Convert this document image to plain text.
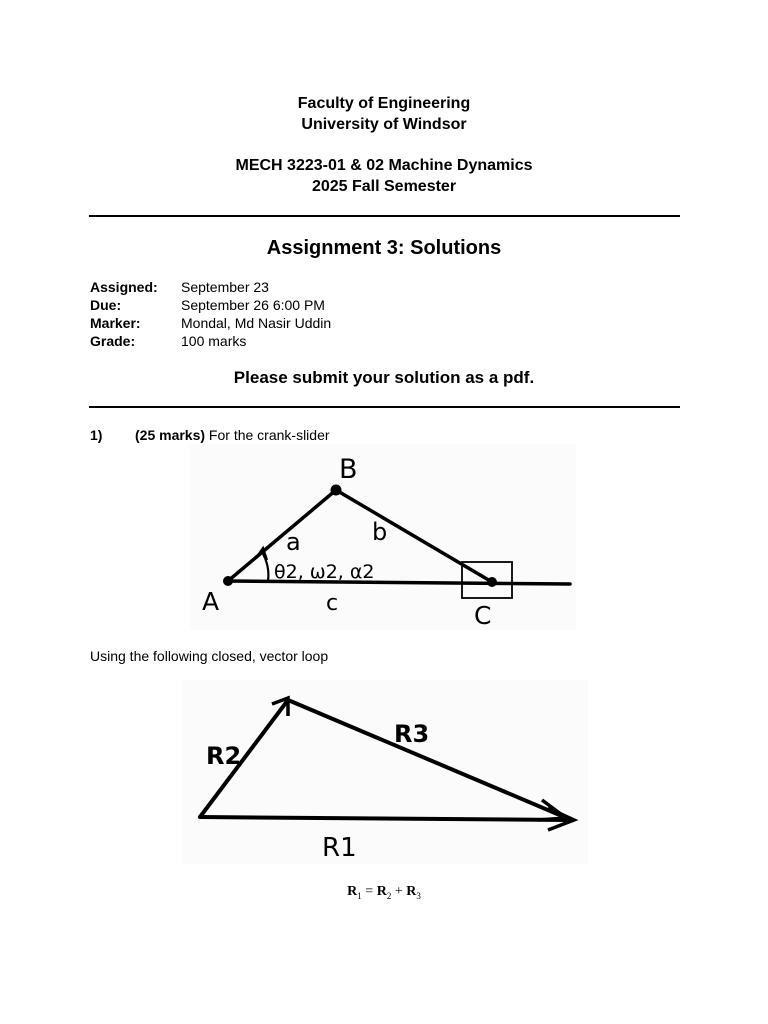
Faculty of Engineering
University of Windsor
MECH 3223-01 & 02 Machine Dynamics
2025 Fall Semester
Assignment 3: Solutions
Assigned: September 23
Due:	September 26 6:00 PM
Marker:	Mondal, Md Nasir Uddin
Grade:	100 marks
Please submit your solution as a pdf.
1) (25 marks) For the crank-slider
B
a	b
θ2, ω2, α2
A	c	C
Using the following closed, vector loop
R2
R3
R1
$R_1 = R_2 + R_3$
